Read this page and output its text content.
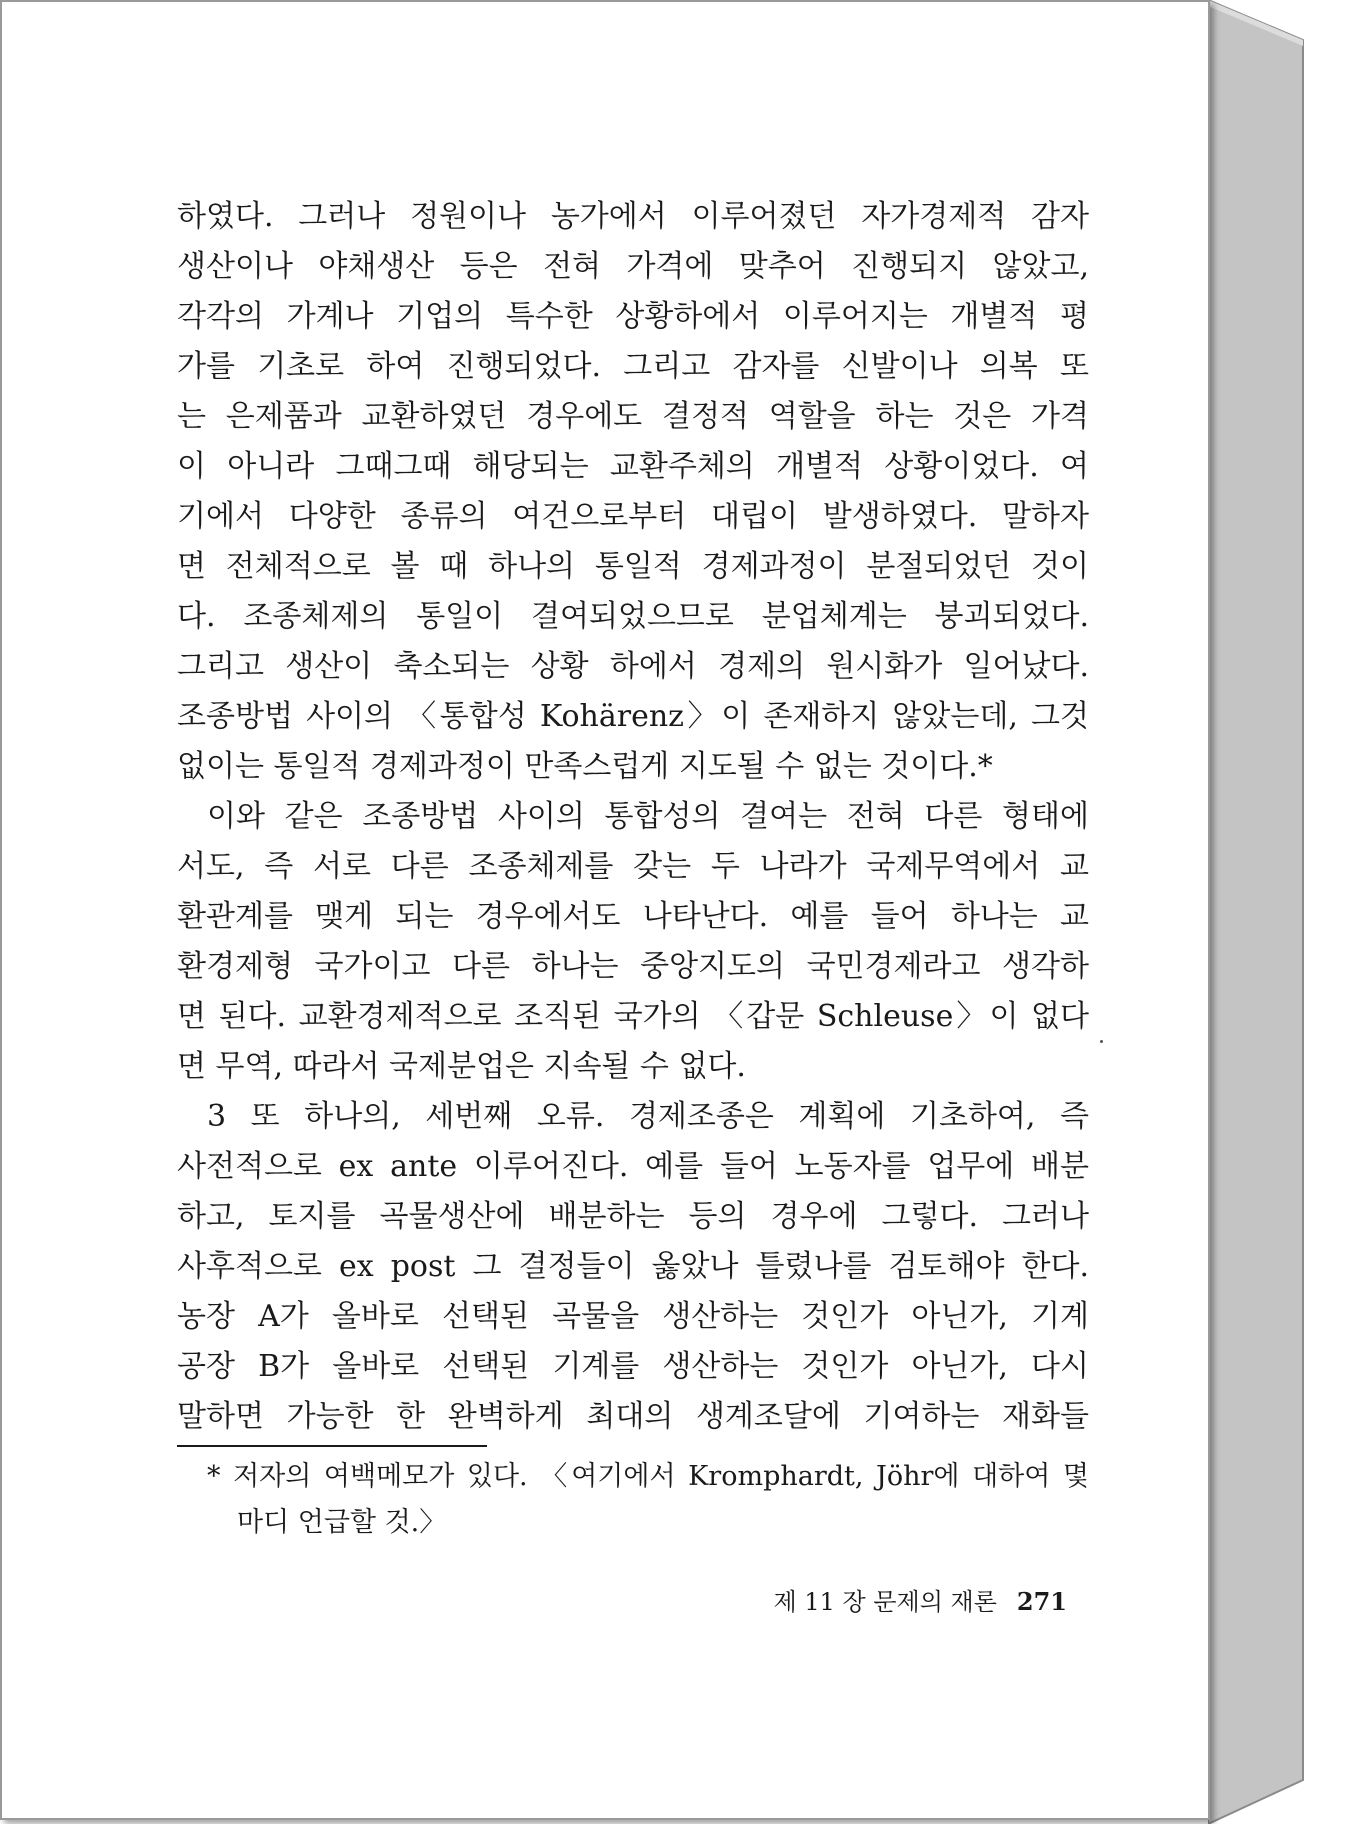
하였다. 그러나 정원이나 농가에서 이루어졌던 자가경제적 감자
생산이나 야채생산 등은 전혀 가격에 맞추어 진행되지 않았고,
각각의 가계나 기업의 특수한 상황하에서 이루어지는 개별적 평
가를 기초로 하여 진행되었다. 그리고 감자를 신발이나 의복 또
는 은제품과 교환하였던 경우에도 결정적 역할을 하는 것은 가격
이 아니라 그때그때 해당되는 교환주체의 개별적 상황이었다. 여
기에서 다양한 종류의 여건으로부터 대립이 발생하였다. 말하자
면 전체적으로 볼 때 하나의 통일적 경제과정이 분절되었던 것이
다. 조종체제의 통일이 결여되었으므로 분업체계는 붕괴되었다.
그리고 생산이 축소되는 상황 하에서 경제의 원시화가 일어났다.
조종방법 사이의 〈통합성 Kohärenz〉이 존재하지 않았는데, 그것
없이는 통일적 경제과정이 만족스럽게 지도될 수 없는 것이다.*
이와 같은 조종방법 사이의 통합성의 결여는 전혀 다른 형태에
서도, 즉 서로 다른 조종체제를 갖는 두 나라가 국제무역에서 교
환관계를 맺게 되는 경우에서도 나타난다. 예를 들어 하나는 교
환경제형 국가이고 다른 하나는 중앙지도의 국민경제라고 생각하
면 된다. 교환경제적으로 조직된 국가의 〈갑문 Schleuse〉이 없다
면 무역, 따라서 국제분업은 지속될 수 없다.
3 또 하나의, 세번째 오류. 경제조종은 계획에 기초하여, 즉
사전적으로 ex ante 이루어진다. 예를 들어 노동자를 업무에 배분
하고, 토지를 곡물생산에 배분하는 등의 경우에 그렇다. 그러나
사후적으로 ex post 그 결정들이 옳았나 틀렸나를 검토해야 한다.
농장 A가 올바로 선택된 곡물을 생산하는 것인가 아닌가, 기계
공장 B가 올바로 선택된 기계를 생산하는 것인가 아닌가, 다시
말하면 가능한 한 완벽하게 최대의 생계조달에 기여하는 재화들
* 저자의 여백메모가 있다. 〈여기에서 Kromphardt, Jöhr에 대하여 몇
마디 언급할 것.〉
제 11 장 문제의 재론 271
